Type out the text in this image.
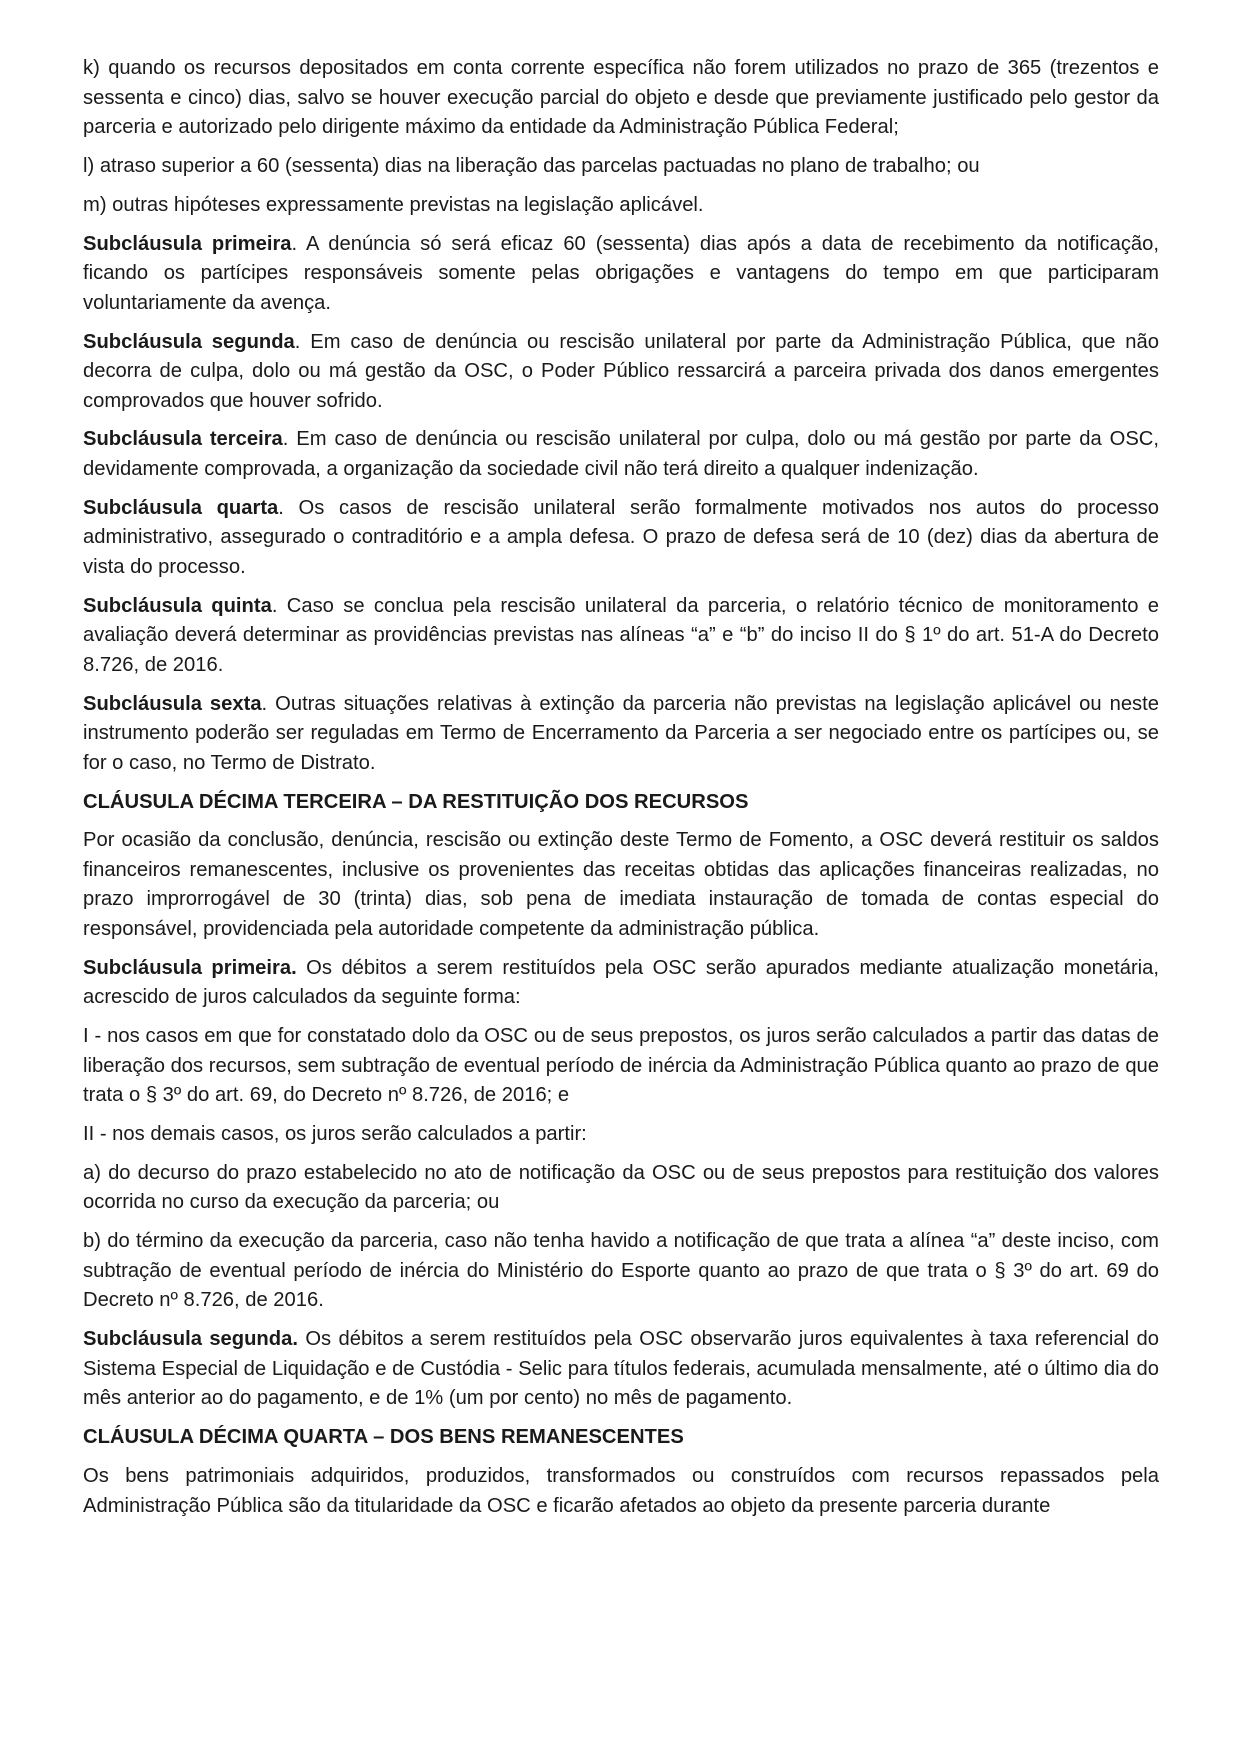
k) quando os recursos depositados em conta corrente específica não forem utilizados no prazo de 365 (trezentos e sessenta e cinco) dias, salvo se houver execução parcial do objeto e desde que previamente justificado pelo gestor da parceria e autorizado pelo dirigente máximo da entidade da Administração Pública Federal;

l) atraso superior a 60 (sessenta) dias na liberação das parcelas pactuadas no plano de trabalho; ou

m) outras hipóteses expressamente previstas na legislação aplicável.

Subcláusula primeira. A denúncia só será eficaz 60 (sessenta) dias após a data de recebimento da notificação, ficando os partícipes responsáveis somente pelas obrigações e vantagens do tempo em que participaram voluntariamente da avença.

Subcláusula segunda. Em caso de denúncia ou rescisão unilateral por parte da Administração Pública, que não decorra de culpa, dolo ou má gestão da OSC, o Poder Público ressarcirá a parceira privada dos danos emergentes comprovados que houver sofrido.

Subcláusula terceira. Em caso de denúncia ou rescisão unilateral por culpa, dolo ou má gestão por parte da OSC, devidamente comprovada, a organização da sociedade civil não terá direito a qualquer indenização.

Subcláusula quarta. Os casos de rescisão unilateral serão formalmente motivados nos autos do processo administrativo, assegurado o contraditório e a ampla defesa. O prazo de defesa será de 10 (dez) dias da abertura de vista do processo.

Subcláusula quinta. Caso se conclua pela rescisão unilateral da parceria, o relatório técnico de monitoramento e avaliação deverá determinar as providências previstas nas alíneas “a” e “b” do inciso II do § 1º do art. 51-A do Decreto 8.726, de 2016.

Subcláusula sexta. Outras situações relativas à extinção da parceria não previstas na legislação aplicável ou neste instrumento poderão ser reguladas em Termo de Encerramento da Parceria a ser negociado entre os partícipes ou, se for o caso, no Termo de Distrato.

CLÁUSULA DÉCIMA TERCEIRA – DA RESTITUIÇÃO DOS RECURSOS

Por ocasião da conclusão, denúncia, rescisão ou extinção deste Termo de Fomento, a OSC deverá restituir os saldos financeiros remanescentes, inclusive os provenientes das receitas obtidas das aplicações financeiras realizadas, no prazo improrrogável de 30 (trinta) dias, sob pena de imediata instauração de tomada de contas especial do responsável, providenciada pela autoridade competente da administração pública.

Subcláusula primeira. Os débitos a serem restituídos pela OSC serão apurados mediante atualização monetária, acrescido de juros calculados da seguinte forma:

I - nos casos em que for constatado dolo da OSC ou de seus prepostos, os juros serão calculados a partir das datas de liberação dos recursos, sem subtração de eventual período de inércia da Administração Pública quanto ao prazo de que trata o § 3º do art. 69, do Decreto nº 8.726, de 2016; e

II - nos demais casos, os juros serão calculados a partir:

a) do decurso do prazo estabelecido no ato de notificação da OSC ou de seus prepostos para restituição dos valores ocorrida no curso da execução da parceria; ou

b) do término da execução da parceria, caso não tenha havido a notificação de que trata a alínea “a” deste inciso, com subtração de eventual período de inércia do Ministério do Esporte quanto ao prazo de que trata o § 3º do art. 69 do Decreto nº 8.726, de 2016.

Subcláusula segunda. Os débitos a serem restituídos pela OSC observarão juros equivalentes à taxa referencial do Sistema Especial de Liquidação e de Custódia - Selic para títulos federais, acumulada mensalmente, até o último dia do mês anterior ao do pagamento, e de 1% (um por cento) no mês de pagamento.

CLÁUSULA DÉCIMA QUARTA – DOS BENS REMANESCENTES

Os bens patrimoniais adquiridos, produzidos, transformados ou construídos com recursos repassados pela Administração Pública são da titularidade da OSC e ficarão afetados ao objeto da presente parceria durante
